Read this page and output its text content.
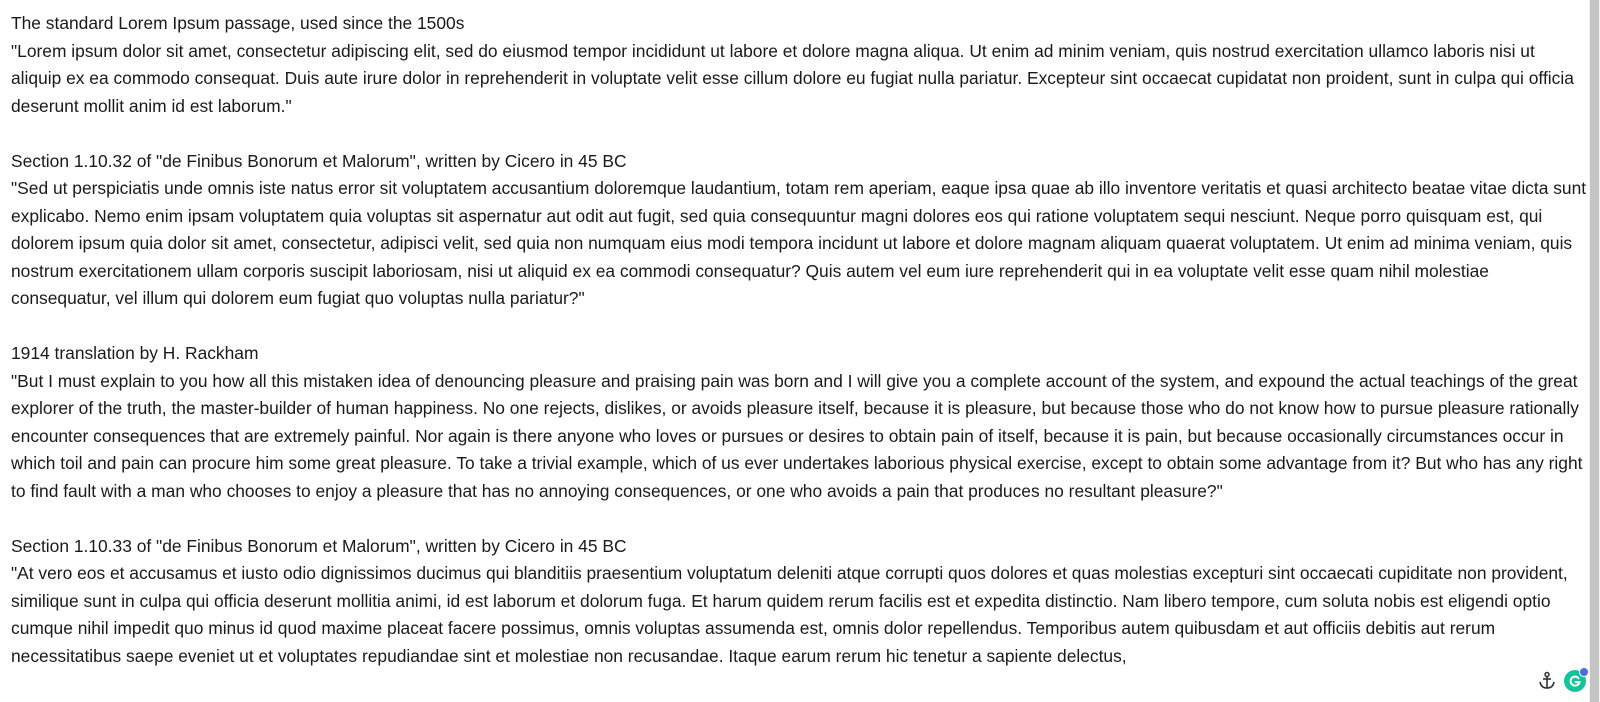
The standard Lorem Ipsum passage, used since the 1500s

"Lorem ipsum dolor sit amet, consectetur adipiscing elit, sed do eiusmod tempor incididunt ut labore et dolore magna aliqua. Ut enim ad minim veniam, quis nostrud exercitation ullamco laboris nisi ut aliquip ex ea commodo consequat. Duis aute irure dolor in reprehenderit in voluptate velit esse cillum dolore eu fugiat nulla pariatur. Excepteur sint occaecat cupidatat non proident, sunt in culpa qui officia deserunt mollit anim id est laborum."

Section 1.10.32 of "de Finibus Bonorum et Malorum", written by Cicero in 45 BC

"Sed ut perspiciatis unde omnis iste natus error sit voluptatem accusantium doloremque laudantium, totam rem aperiam, eaque ipsa quae ab illo inventore veritatis et quasi architecto beatae vitae dicta sunt explicabo. Nemo enim ipsam voluptatem quia voluptas sit aspernatur aut odit aut fugit, sed quia consequuntur magni dolores eos qui ratione voluptatem sequi nesciunt. Neque porro quisquam est, qui dolorem ipsum quia dolor sit amet, consectetur, adipisci velit, sed quia non numquam eius modi tempora incidunt ut labore et dolore magnam aliquam quaerat voluptatem. Ut enim ad minima veniam, quis nostrum exercitationem ullam corporis suscipit laboriosam, nisi ut aliquid ex ea commodi consequatur? Quis autem vel eum iure reprehenderit qui in ea voluptate velit esse quam nihil molestiae consequatur, vel illum qui dolorem eum fugiat quo voluptas nulla pariatur?"

1914 translation by H. Rackham

"But I must explain to you how all this mistaken idea of denouncing pleasure and praising pain was born and I will give you a complete account of the system, and expound the actual teachings of the great explorer of the truth, the master-builder of human happiness. No one rejects, dislikes, or avoids pleasure itself, because it is pleasure, but because those who do not know how to pursue pleasure rationally encounter consequences that are extremely painful. Nor again is there anyone who loves or pursues or desires to obtain pain of itself, because it is pain, but because occasionally circumstances occur in which toil and pain can procure him some great pleasure. To take a trivial example, which of us ever undertakes laborious physical exercise, except to obtain some advantage from it? But who has any right to find fault with a man who chooses to enjoy a pleasure that has no annoying consequences, or one who avoids a pain that produces no resultant pleasure?"

Section 1.10.33 of "de Finibus Bonorum et Malorum", written by Cicero in 45 BC

"At vero eos et accusamus et iusto odio dignissimos ducimus qui blanditiis praesentium voluptatum deleniti atque corrupti quos dolores et quas molestias excepturi sint occaecati cupiditate non provident, similique sunt in culpa qui officia deserunt mollitia animi, id est laborum et dolorum fuga. Et harum quidem rerum facilis est et expedita distinctio. Nam libero tempore, cum soluta nobis est eligendi optio cumque nihil impedit quo minus id quod maxime placeat facere possimus, omnis voluptas assumenda est, omnis dolor repellendus. Temporibus autem quibusdam et aut officiis debitis aut rerum necessitatibus saepe eveniet ut et voluptates repudiandae sint et molestiae non recusandae. Itaque earum rerum hic tenetur a sapiente delectus,
